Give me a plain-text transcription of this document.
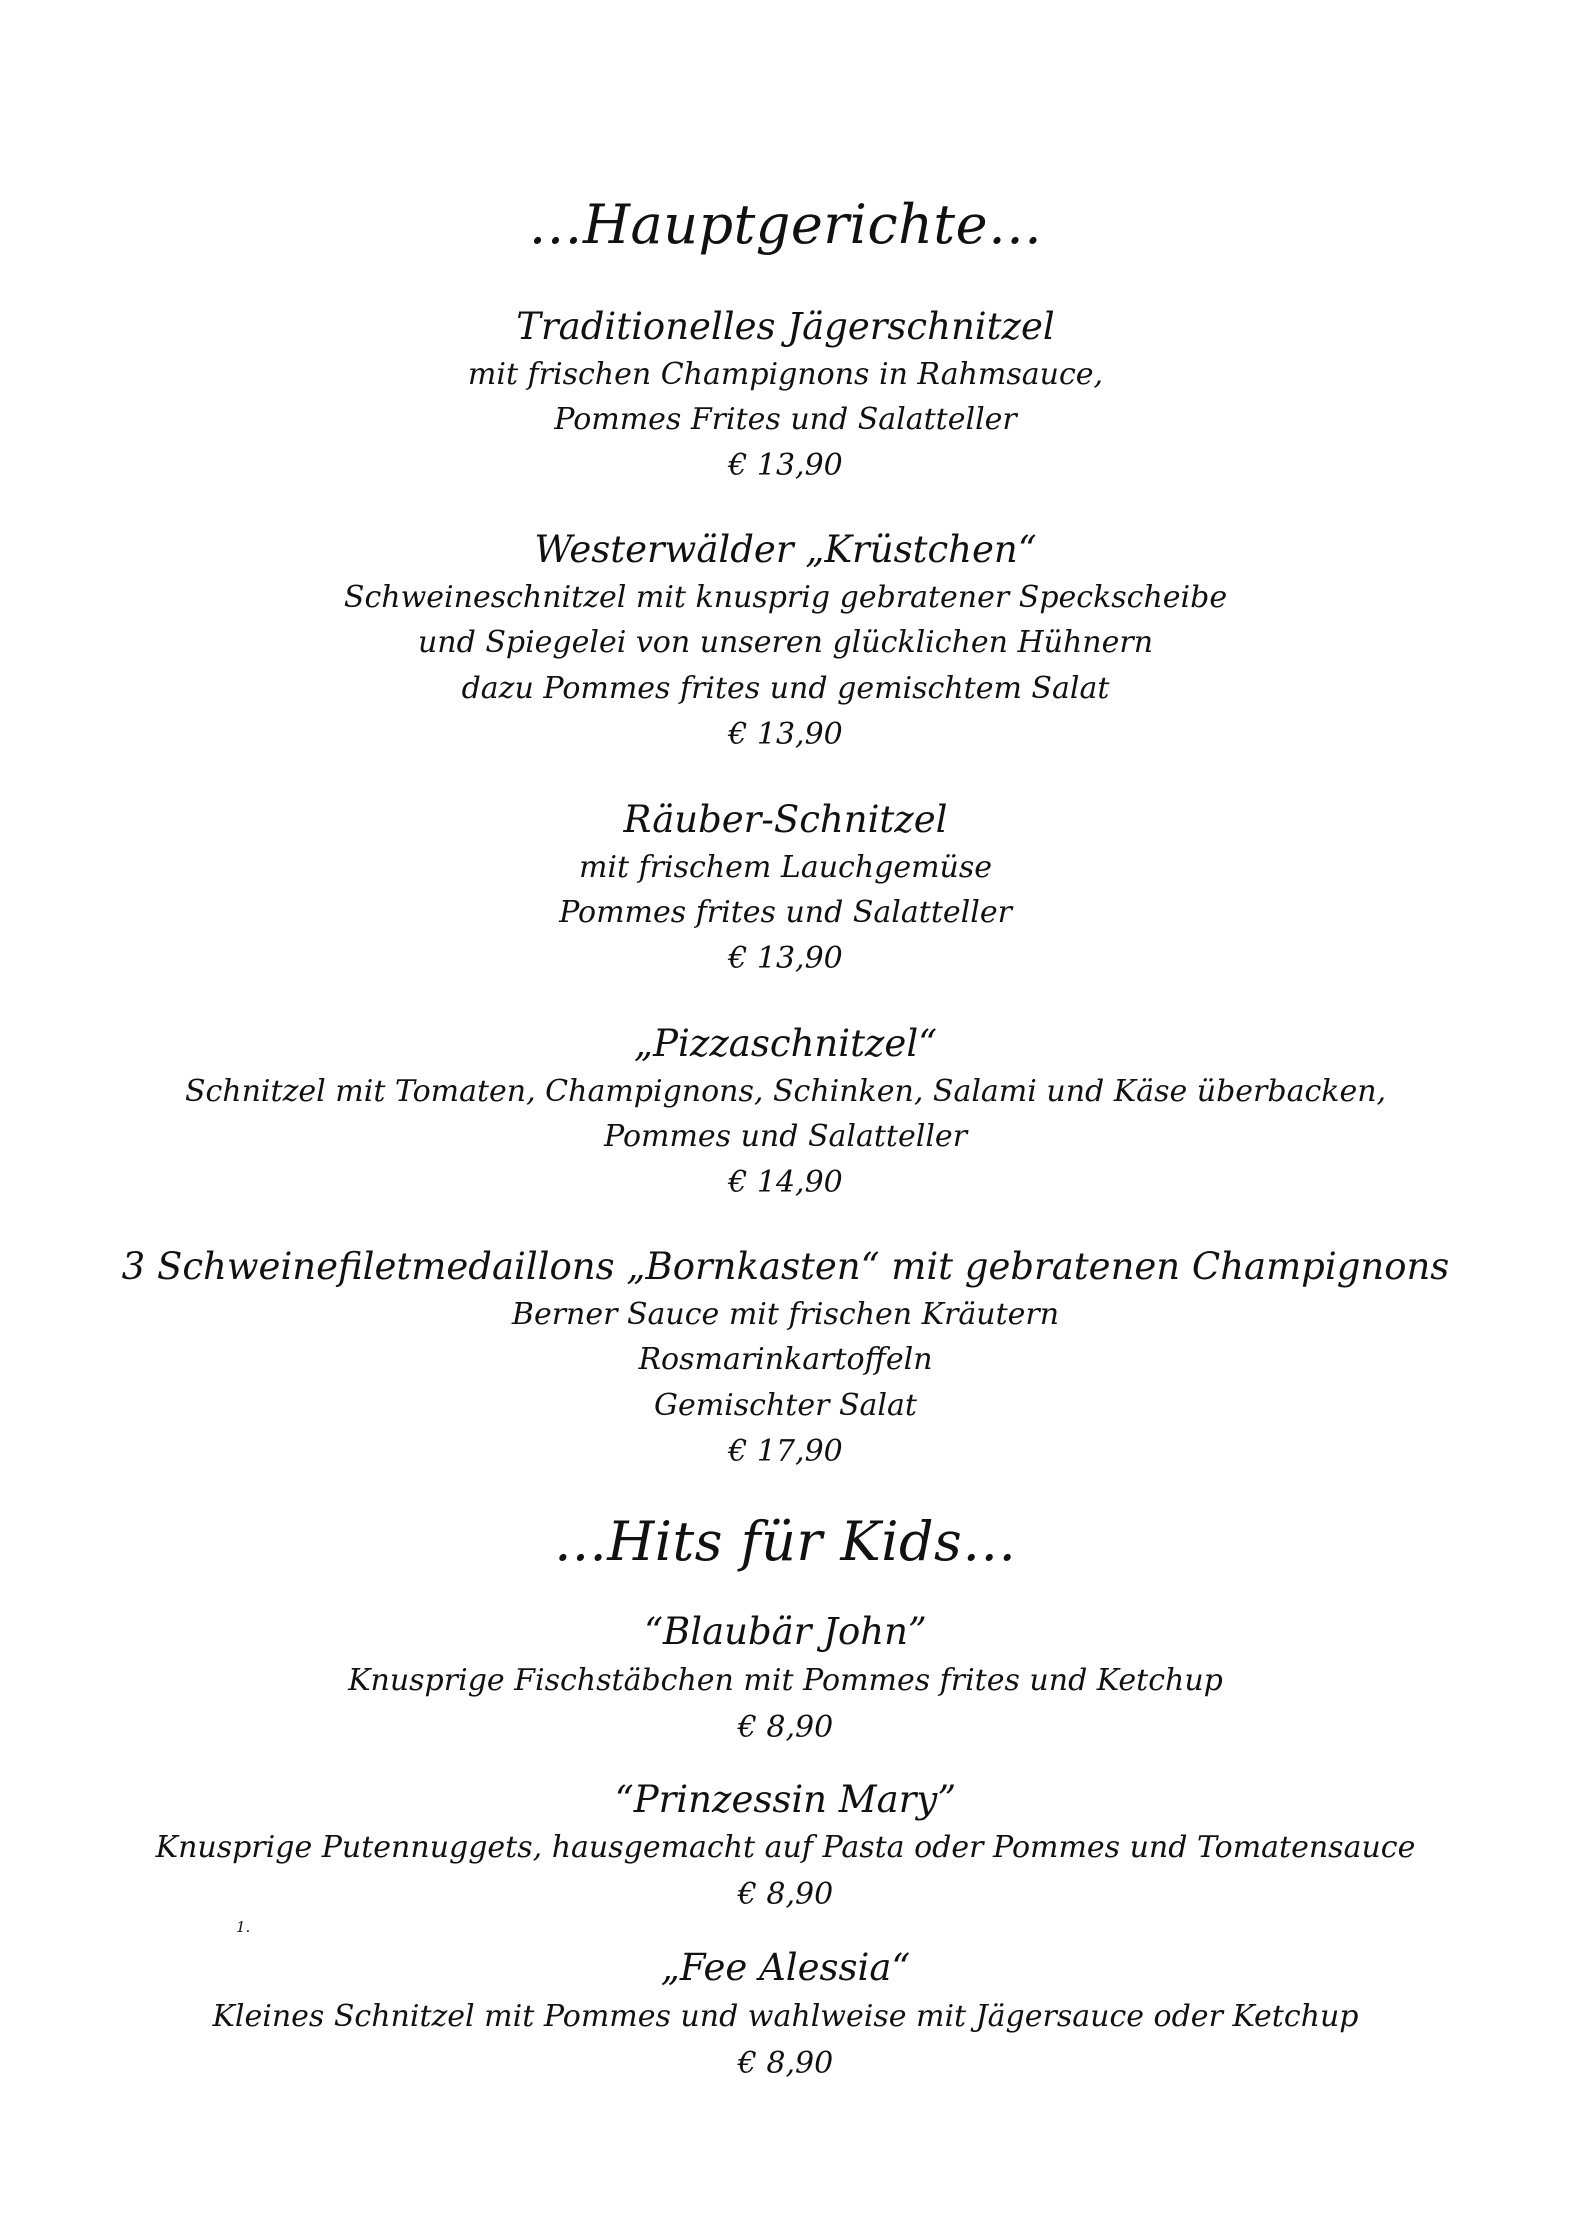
…Hauptgerichte…
Traditionelles Jägerschnitzel
mit frischen Champignons in Rahmsauce,
Pommes Frites und Salatteller
€ 13,90
Westerwälder „Krüstchen“
Schweineschnitzel mit knusprig gebratener Speckscheibe
und Spiegelei von unseren glücklichen Hühnern
dazu Pommes frites und gemischtem Salat
€ 13,90
Räuber-Schnitzel
mit frischem Lauchgemüse
Pommes frites und Salatteller
€ 13,90
„Pizzaschnitzel“
Schnitzel mit Tomaten, Champignons, Schinken, Salami und Käse überbacken,
Pommes und Salatteller
€ 14,90
3 Schweinefiletmedaillons „Bornkasten“ mit gebratenen Champignons
Berner Sauce mit frischen Kräutern
Rosmarinkartoffeln
Gemischter Salat
€ 17,90
...Hits für Kids…
“Blaubär John”
Knusprige Fischstäbchen mit Pommes frites und Ketchup
€ 8,90
“Prinzessin Mary”
Knusprige Putennuggets, hausgemacht auf Pasta oder Pommes und Tomatensauce
€ 8,90
1.
„Fee Alessia“
Kleines Schnitzel mit Pommes und wahlweise mit Jägersauce oder Ketchup
€ 8,90
